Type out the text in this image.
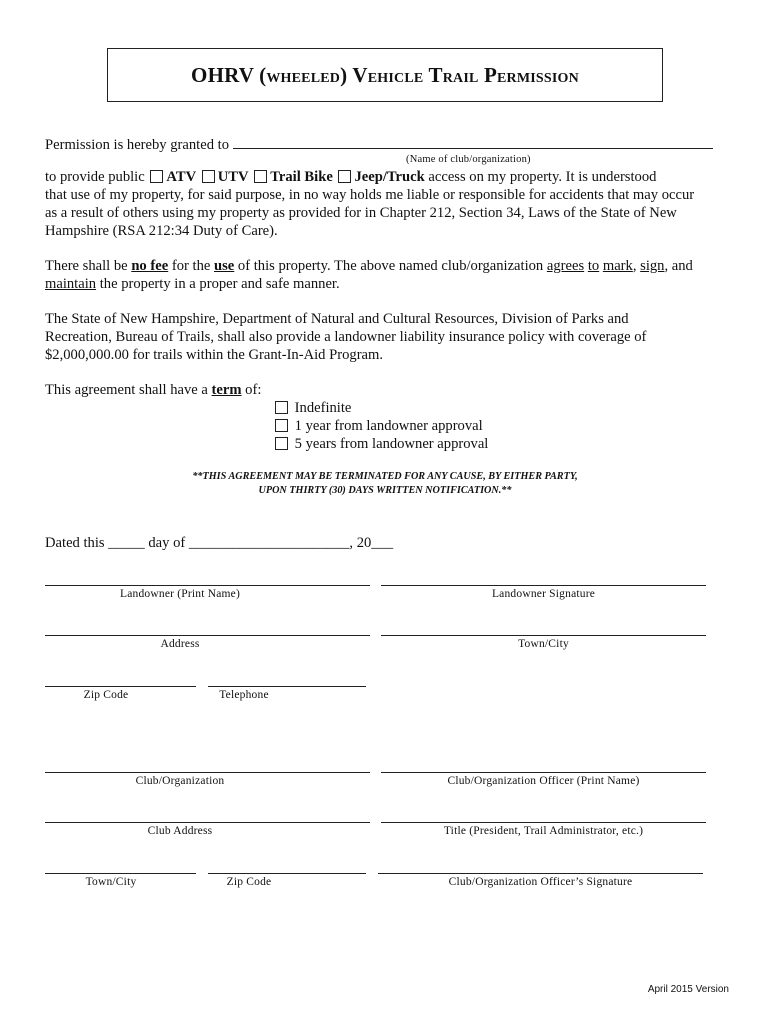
OHRV (WHEELED) VEHICLE TRAIL PERMISSION
Permission is hereby granted to
(Name of club/organization)
to provide public ATV UTV Trail Bike Jeep/Truck access on my property. It is understood
that use of my property, for said purpose, in no way holds me liable or responsible for accidents that may occur
as a result of others using my property as provided for in Chapter 212, Section 34, Laws of the State of New
Hampshire (RSA 212:34 Duty of Care).
There shall be no fee for the use of this property. The above named club/organization agrees to mark, sign, and
maintain the property in a proper and safe manner.
The State of New Hampshire, Department of Natural and Cultural Resources, Division of Parks and
Recreation, Bureau of Trails, shall also provide a landowner liability insurance policy with coverage of
$2,000,000.00 for trails within the Grant-In-Aid Program.
This agreement shall have a term of:
Indefinite
1 year from landowner approval
5 years from landowner approval
**THIS AGREEMENT MAY BE TERMINATED FOR ANY CAUSE, BY EITHER PARTY,
UPON THIRTY (30) DAYS WRITTEN NOTIFICATION.**
Dated this _____ day of ______________________, 20___
Landowner (Print Name)	Landowner Signature
Address	Town/City
Zip Code	Telephone
Club/Organization	Club/Organization Officer (Print Name)
Club Address	Title (President, Trail Administrator, etc.)
Town/City	Zip Code	Club/Organization Officer’s Signature
April 2015 Version
